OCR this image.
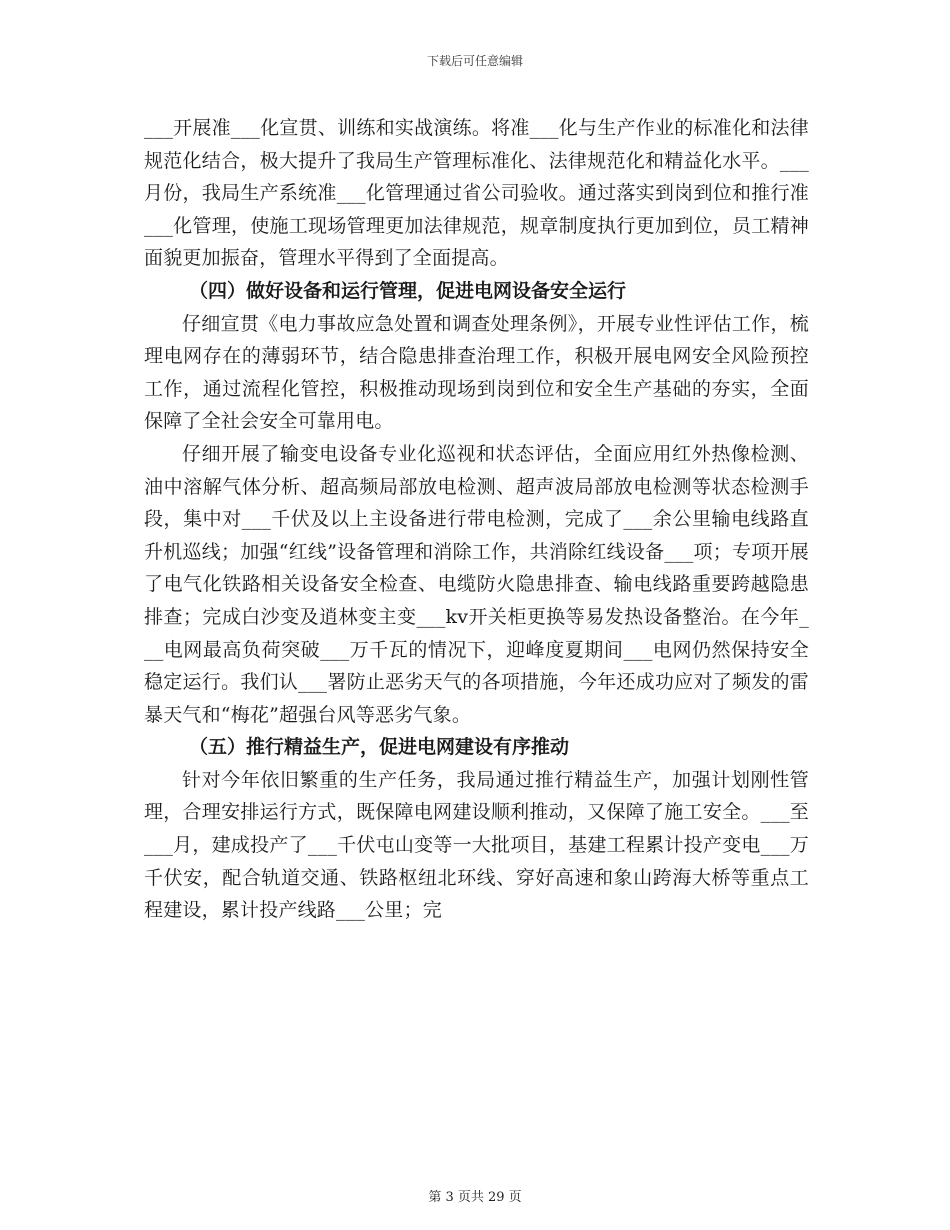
下载后可任意编辑

___开展准___化宣贯、训练和实战演练。将准___化与生产作业的标准化和法律规范化结合，极大提升了我局生产管理标准化、法律规范化和精益化水平。___月份，我局生产系统准___化管理通过省公司验收。通过落实到岗到位和推行准___化管理，使施工现场管理更加法律规范，规章制度执行更加到位，员工精神面貌更加振奋，管理水平得到了全面提高。

（四）做好设备和运行管理，促进电网设备安全运行

仔细宣贯《电力事故应急处置和调查处理条例》，开展专业性评估工作，梳理电网存在的薄弱环节，结合隐患排查治理工作，积极开展电网安全风险预控工作，通过流程化管控，积极推动现场到岗到位和安全生产基础的夯实，全面保障了全社会安全可靠用电。

仔细开展了输变电设备专业化巡视和状态评估，全面应用红外热像检测、油中溶解气体分析、超高频局部放电检测、超声波局部放电检测等状态检测手段，集中对___千伏及以上主设备进行带电检测，完成了___余公里输电线路直升机巡线；加强“红线”设备管理和消除工作，共消除红线设备___项；专项开展了电气化铁路相关设备安全检查、电缆防火隐患排查、输电线路重要跨越隐患排查；完成白沙变及逍林变主变___kv开关柜更换等易发热设备整治。在今年___电网最高负荷突破___万千瓦的情况下，迎峰度夏期间___电网仍然保持安全稳定运行。我们认___署防止恶劣天气的各项措施，今年还成功应对了频发的雷暴天气和“梅花”超强台风等恶劣气象。

（五）推行精益生产，促进电网建设有序推动

针对今年依旧繁重的生产任务，我局通过推行精益生产，加强计划刚性管理，合理安排运行方式，既保障电网建设顺利推动，又保障了施工安全。___至___月，建成投产了___千伏屯山变等一大批项目，基建工程累计投产变电___万千伏安，配合轨道交通、铁路枢纽北环线、穿好高速和象山跨海大桥等重点工程建设，累计投产线路___公里；完

第 3 页共 29 页
